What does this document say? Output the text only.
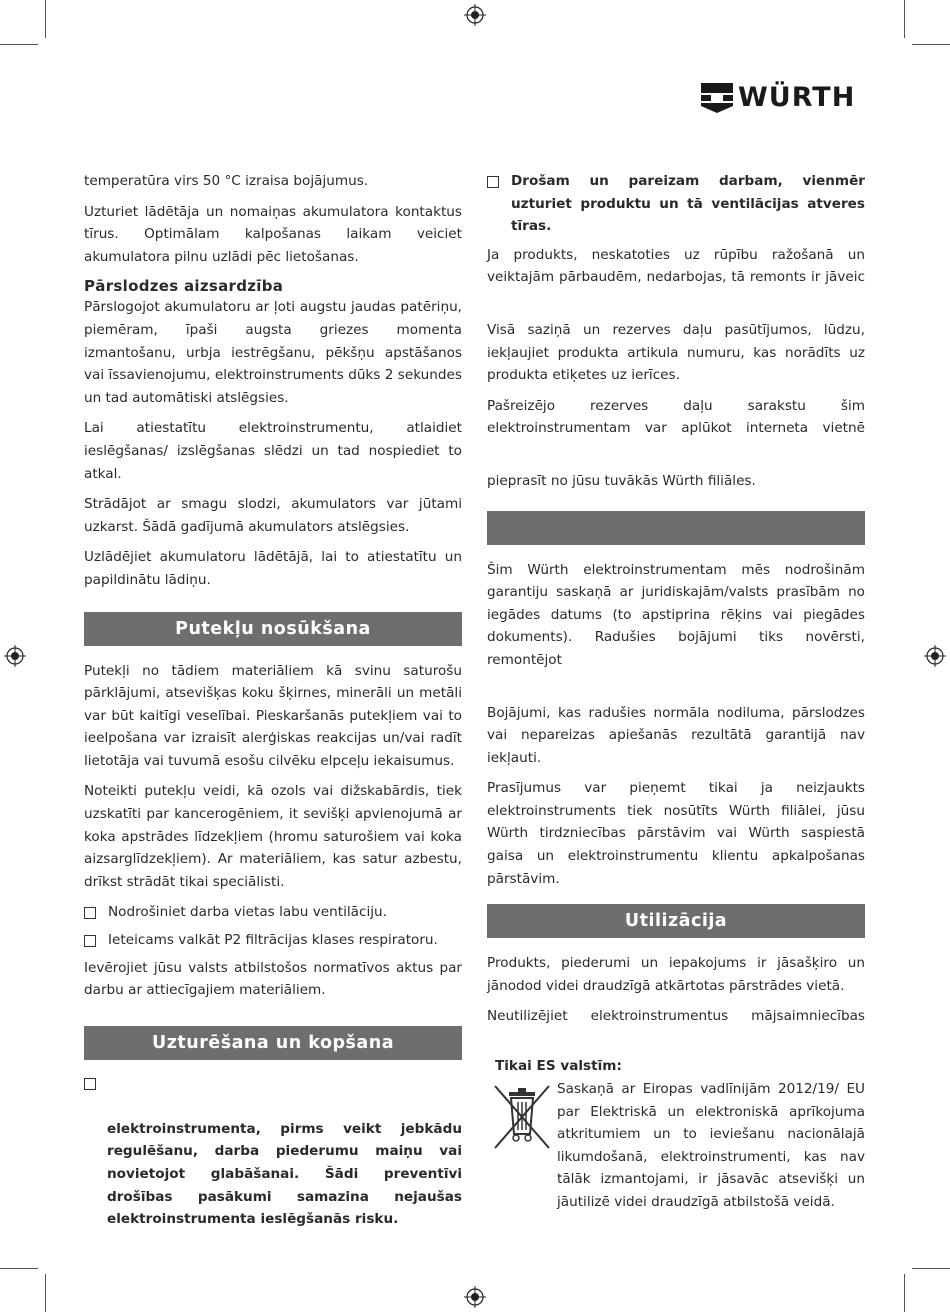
WÜRTH

temperatūra virs 50 °C izraisa bojājumus.

Uzturiet lādētāja un nomaiņas akumulatora kontaktus tīrus. Optimālam kalpošanas laikam veiciet akumulatora pilnu uzlādi pēc lietošanas.

Pārslodzes aizsardzība

Pārslogojot akumulatoru ar ļoti augstu jaudas patēriņu, piemēram, īpaši augsta griezes momenta izmantošanu, urbja iestrēgšanu, pēkšņu apstāšanos vai īssavienojumu, elektroinstruments dūks 2 sekundes un tad automātiski atslēgsies.

Lai atiestatītu elektroinstrumentu, atlaidiet ieslēgšanas/ izslēgšanas slēdzi un tad nospiediet to atkal.

Strādājot ar smagu slodzi, akumulators var jūtami uzkarst. Šādā gadījumā akumulators atslēgsies.

Uzlādējiet akumulatoru lādētājā, lai to atiestatītu un papildinātu lādiņu.

Putekļu nosūkšana

Putekļi no tādiem materiāliem kā svinu saturošu pārklājumi, atsevišķas koku šķirnes, minerāli un metāli var būt kaitīgi veselībai. Pieskaršanās putekļiem vai to ieelpošana var izraisīt alerģiskas reakcijas un/vai radīt lietotāja vai tuvumā esošu cilvēku elpceļu iekaisumus.

Noteikti putekļu veidi, kā ozols vai dižskabārdis, tiek uzskatīti par kancerogēniem, it sevišķi apvienojumā ar koka apstrādes līdzekļiem (hromu saturošiem vai koka aizsarglīdzekļiem). Ar materiāliem, kas satur azbestu, drīkst strādāt tikai speciālisti.

Nodrošiniet darba vietas labu ventilāciju.
Ieteicams valkāt P2 filtrācijas klases respiratoru.

Ievērojiet jūsu valsts atbilstošos normatīvos aktus par darbu ar attiecīgajiem materiāliem.

Uzturēšana un kopšana

elektroinstrumenta, pirms veikt jebkādu regulēšanu, darba piederumu maiņu vai novietojot glabāšanai. Šādi preventīvi drošības pasākumi samazina nejaušas elektroinstrumenta ieslēgšanās risku.

Drošam un pareizam darbam, vienmēr uzturiet produktu un tā ventilācijas atveres tīras.

Ja produkts, neskatoties uz rūpību ražošanā un veiktajām pārbaudēm, nedarbojas, tā remonts ir jāveic

Visā saziņā un rezerves daļu pasūtījumos, lūdzu, iekļaujiet produkta artikula numuru, kas norādīts uz produkta etiķetes uz ierīces.

Pašreizējo rezerves daļu sarakstu šim elektroinstrumentam var aplūkot interneta vietnē

pieprasīt no jūsu tuvākās Würth filiāles.

Šim Würth elektroinstrumentam mēs nodrošinām garantiju saskaņā ar juridiskajām/valsts prasībām no iegādes datums (to apstiprina rēķins vai piegādes dokuments). Radušies bojājumi tiks novērsti, remontējot

Bojājumi, kas radušies normāla nodiluma, pārslodzes vai nepareizas apiešanās rezultātā garantijā nav iekļauti.

Prasījumus var pieņemt tikai ja neizjaukts elektroinstruments tiek nosūtīts Würth filiālei, jūsu Würth tirdzniecības pārstāvim vai Würth saspiestā gaisa un elektroinstrumentu klientu apkalpošanas pārstāvim.

Utilizācija

Produkts, piederumi un iepakojums ir jāsašķiro un jānodod videi draudzīgā atkārtotas pārstrādes vietā.

Neutilizējiet elektroinstrumentus mājsaimniecības

Tikai ES valstīm:
Saskaņā ar Eiropas vadlīnijām 2012/19/ EU par Elektriskā un elektroniskā aprīkojuma atkritumiem un to ieviešanu nacionālajā likumdošanā, elektroinstrumenti, kas nav tālāk izmantojami, ir jāsavāc atsevišķi un jāutilizē videi draudzīgā atbilstošā veidā.
